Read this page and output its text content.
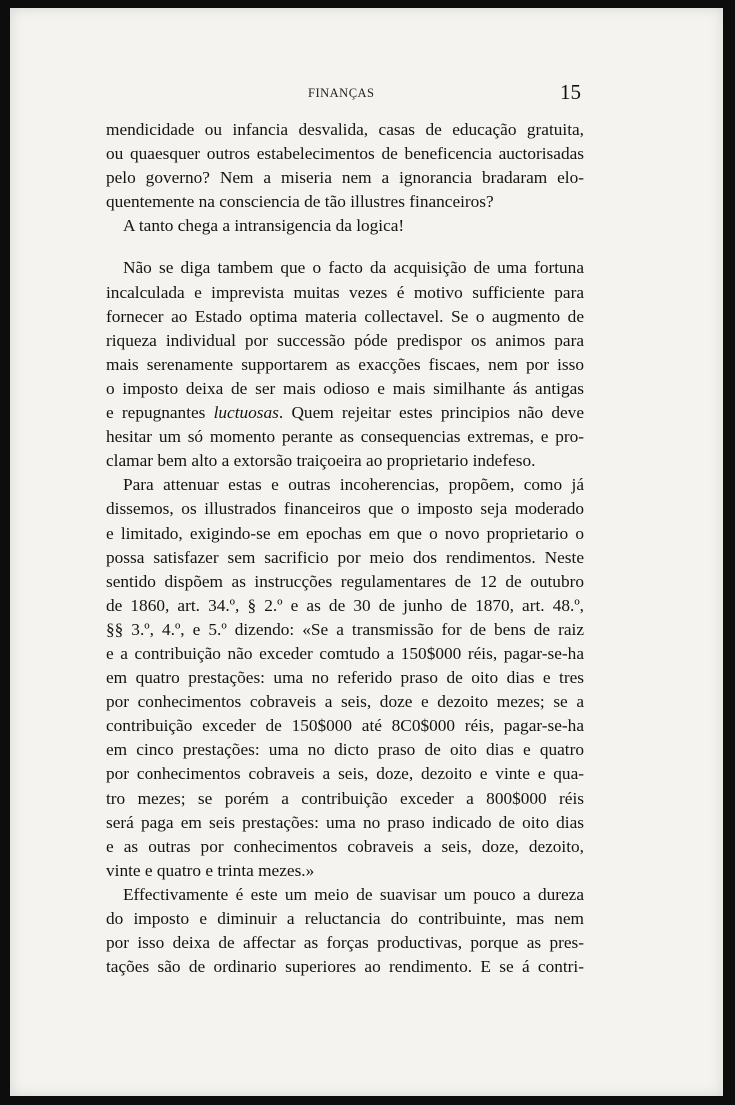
FINANÇAS	15
mendicidade ou infancia desvalida, casas de educação gratuita,
ou quaesquer outros estabelecimentos de beneficencia auctorisadas
pelo governo? Nem a miseria nem a ignorancia bradaram elo-
quentemente na consciencia de tão illustres financeiros?
A tanto chega a intransigencia da logica!
Não se diga tambem que o facto da acquisição de uma fortuna
incalculada e imprevista muitas vezes é motivo sufficiente para
fornecer ao Estado optima materia collectavel. Se o augmento de
riqueza individual por successão póde predispor os animos para
mais serenamente supportarem as exacções fiscaes, nem por isso
o imposto deixa de ser mais odioso e mais similhante ás antigas
e repugnantes luctuosas. Quem rejeitar estes principios não deve
hesitar um só momento perante as consequencias extremas, e pro-
clamar bem alto a extorsão traiçoeira ao proprietario indefeso.
Para attenuar estas e outras incoherencias, propõem, como já
dissemos, os illustrados financeiros que o imposto seja moderado
e limitado, exigindo-se em epochas em que o novo proprietario o
possa satisfazer sem sacrificio por meio dos rendimentos. Neste
sentido dispõem as instrucções regulamentares de 12 de outubro
de 1860, art. 34.º, § 2.º e as de 30 de junho de 1870, art. 48.º,
§§ 3.º, 4.º, e 5.º dizendo: «Se a transmissão for de bens de raiz
e a contribuição não exceder comtudo a 150$000 réis, pagar-se-ha
em quatro prestações: uma no referido praso de oito dias e tres
por conhecimentos cobraveis a seis, doze e dezoito mezes; se a
contribuição exceder de 150$000 até 8C0$000 réis, pagar-se-ha
em cinco prestações: uma no dicto praso de oito dias e quatro
por conhecimentos cobraveis a seis, doze, dezoito e vinte e qua-
tro mezes; se porém a contribuição exceder a 800$000 réis
será paga em seis prestações: uma no praso indicado de oito dias
e as outras por conhecimentos cobraveis a seis, doze, dezoito,
vinte e quatro e trinta mezes.»
Effectivamente é este um meio de suavisar um pouco a dureza
do imposto e diminuir a reluctancia do contribuinte, mas nem
por isso deixa de affectar as forças productivas, porque as pres-
tações são de ordinario superiores ao rendimento. E se á contri-
